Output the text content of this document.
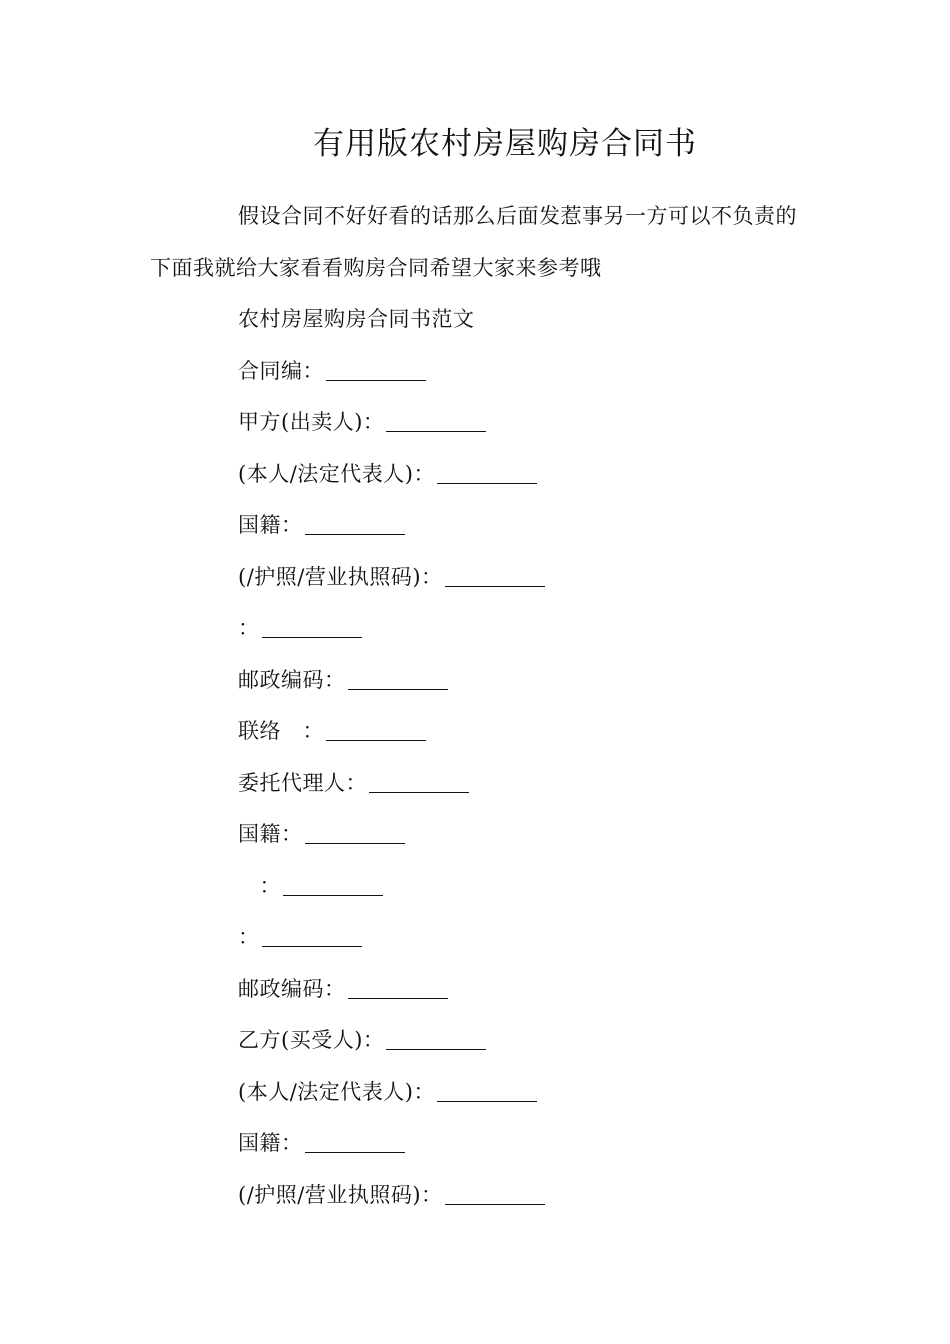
有用版农村房屋购房合同书
假设合同不好好看的话那么后面发惹事另一方可以不负责的下面我就给大家看看购房合同希望大家来参考哦
农村房屋购房合同书范文
合同编：
甲方(出卖人)：
(本人/法定代表人)：
国籍：
(/护照/营业执照码)：
：
邮政编码：
联络　：
委托代理人：
国籍：
　：
：
邮政编码：
乙方(买受人)：
(本人/法定代表人)：
国籍：
(/护照/营业执照码)：
